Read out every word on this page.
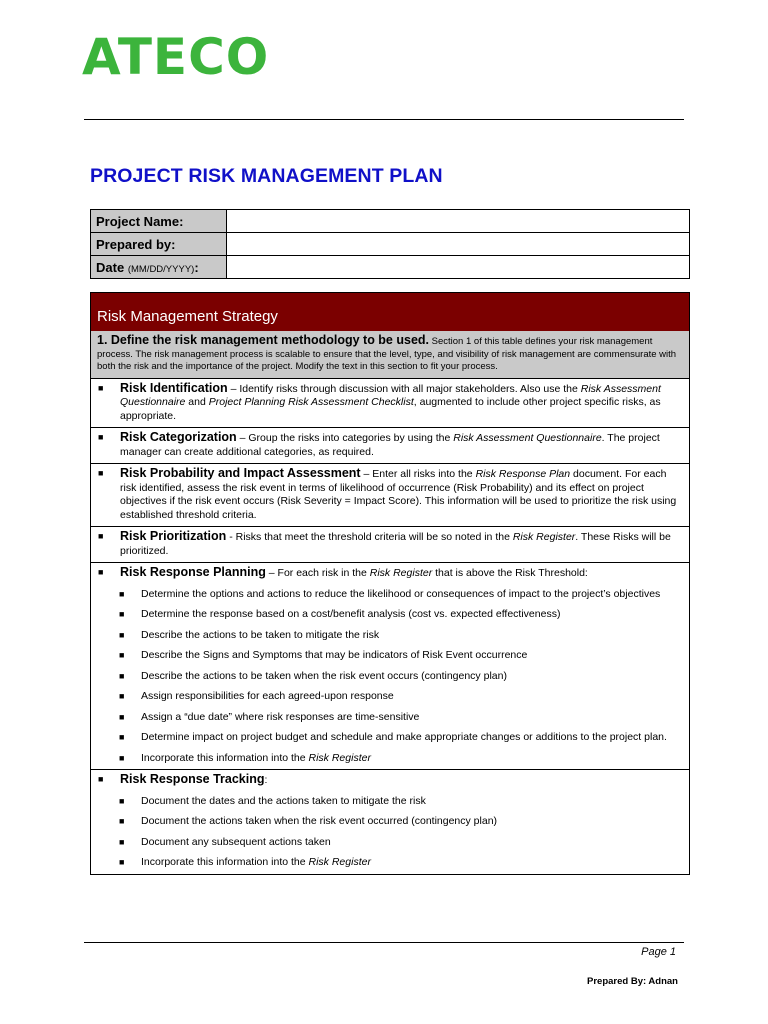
ATECO
PROJECT RISK MANAGEMENT PLAN
Project Name:	
Prepared by:	
Date (MM/DD/YYYY):	
Risk Management Strategy
1. Define the risk management methodology to be used. Section 1 of this table defines your risk management process. The risk management process is scalable to ensure that the level, type, and visibility of risk management are commensurate with both the risk and the importance of the project. Modify the text in this section to fit your process.
■	Risk Identification – Identify risks through discussion with all major stakeholders. Also use the Risk Assessment Questionnaire and Project Planning Risk Assessment Checklist, augmented to include other project specific risks, as appropriate.
■	Risk Categorization – Group the risks into categories by using the Risk Assessment Questionnaire. The project manager can create additional categories, as required.
■	Risk Probability and Impact Assessment – Enter all risks into the Risk Response Plan document. For each risk identified, assess the risk event in terms of likelihood of occurrence (Risk Probability) and its effect on project objectives if the risk event occurs (Risk Severity = Impact Score). This information will be used to prioritize the risk using established threshold criteria.
■	Risk Prioritization - Risks that meet the threshold criteria will be so noted in the Risk Register. These Risks will be prioritized.
■	Risk Response Planning – For each risk in the Risk Register that is above the Risk Threshold:
■	Determine the options and actions to reduce the likelihood or consequences of impact to the project’s objectives
■	Determine the response based on a cost/benefit analysis (cost vs. expected effectiveness)
■	Describe the actions to be taken to mitigate the risk
■	Describe the Signs and Symptoms that may be indicators of Risk Event occurrence
■	Describe the actions to be taken when the risk event occurs (contingency plan)
■	Assign responsibilities for each agreed-upon response
■	Assign a “due date” where risk responses are time-sensitive
■	Determine impact on project budget and schedule and make appropriate changes or additions to the project plan.
■	Incorporate this information into the Risk Register
■	Risk Response Tracking:
■	Document the dates and the actions taken to mitigate the risk
■	Document the actions taken when the risk event occurred (contingency plan)
■	Document any subsequent actions taken
■	Incorporate this information into the Risk Register
Page 1
Prepared By: Adnan
